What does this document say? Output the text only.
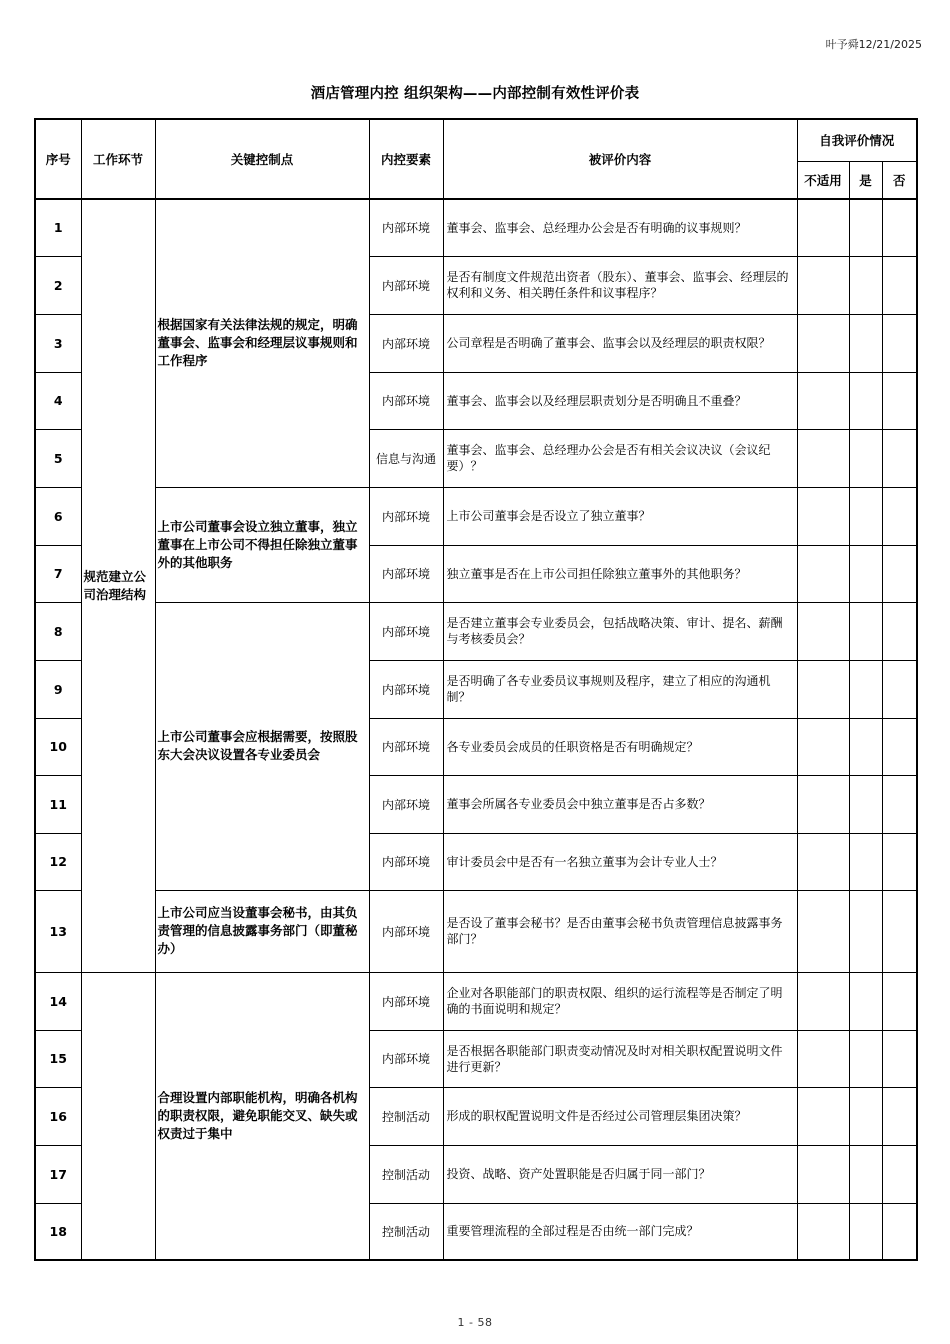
叶予舜12/21/2025
酒店管理内控 组织架构——内部控制有效性评价表
序号	工作环节	关键控制点	内控要素	被评价内容	自我评价情况		
					不适用	是	否
1	规范建立公司治理结构	根据国家有关法律法规的规定，明确董事会、监事会和经理层议事规则和工作程序	内部环境	董事会、监事会、总经理办公会是否有明确的议事规则？			
2			内部环境	是否有制度文件规范出资者（股东）、董事会、监事会、经理层的权利和义务、相关聘任条件和议事程序？			
3			内部环境	公司章程是否明确了董事会、监事会以及经理层的职责权限？			
4			内部环境	董事会、监事会以及经理层职责划分是否明确且不重叠？			
5			信息与沟通	董事会、监事会、总经理办公会是否有相关会议决议（会议纪要）？			
6		上市公司董事会设立独立董事，独立董事在上市公司不得担任除独立董事外的其他职务	内部环境	上市公司董事会是否设立了独立董事？			
7			内部环境	独立董事是否在上市公司担任除独立董事外的其他职务？			
8		上市公司董事会应根据需要，按照股东大会决议设置各专业委员会	内部环境	是否建立董事会专业委员会，包括战略决策、审计、提名、薪酬与考核委员会？			
9			内部环境	是否明确了各专业委员议事规则及程序，建立了相应的沟通机制？			
10			内部环境	各专业委员会成员的任职资格是否有明确规定？			
11			内部环境	董事会所属各专业委员会中独立董事是否占多数？			
12			内部环境	审计委员会中是否有一名独立董事为会计专业人士？			
13		上市公司应当设董事会秘书，由其负责管理的信息披露事务部门（即董秘办）	内部环境	是否设了董事会秘书？是否由董事会秘书负责管理信息披露事务部门？			
14		合理设置内部职能机构，明确各机构的职责权限，避免职能交叉、缺失或权责过于集中	内部环境	企业对各职能部门的职责权限、组织的运行流程等是否制定了明确的书面说明和规定？			
15			内部环境	是否根据各职能部门职责变动情况及时对相关职权配置说明文件进行更新？			
16			控制活动	形成的职权配置说明文件是否经过公司管理层集团决策？			
17			控制活动	投资、战略、资产处置职能是否归属于同一部门？			
18			控制活动	重要管理流程的全部过程是否由统一部门完成？			
1 - 58
